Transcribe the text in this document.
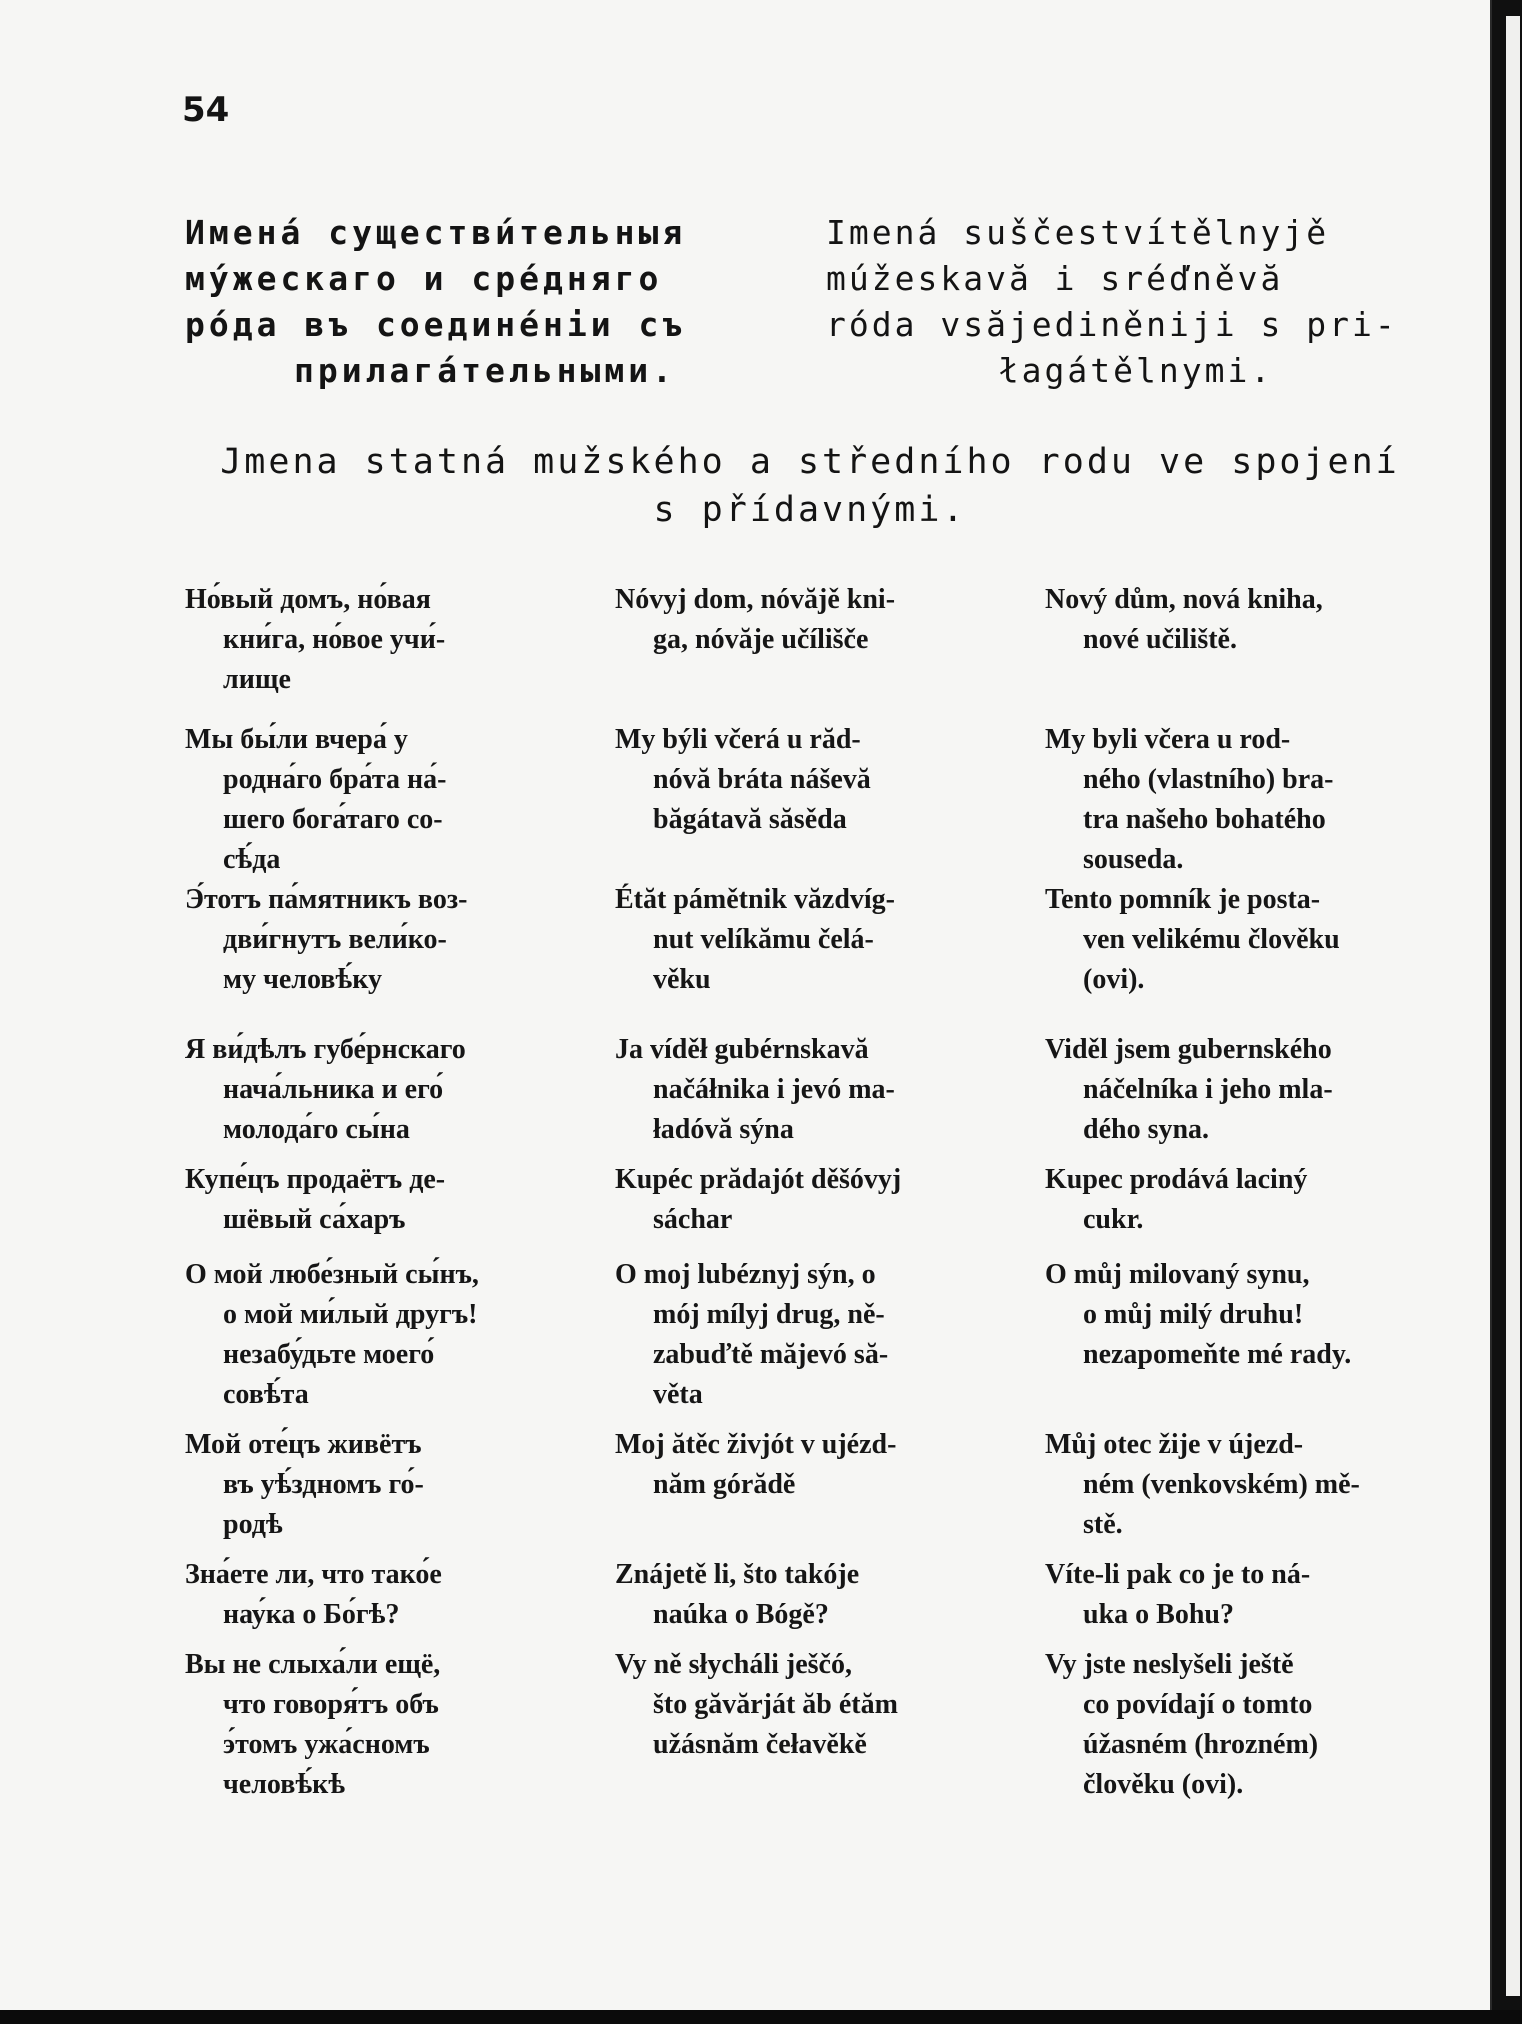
54
Имена́ существи́тельныя
му́жескаго и сре́дняго
ро́да въ соедине́нiи съ
прилага́тельными.
Imená suščestvítělnyjě
múžeskavă i sréďněvă
róda vsăjediněniji s pri-
łagátělnymi.
Jmena statná mužského a středního rodu ve spojení
s přídavnými.
Но́вый домъ, но́вая
кни́га, но́вое учи́-
лище
Nóvyj dom, nóvăjě kni-
ga, nóvăje učílišče
Nový dům, nová kniha,
nové učiliště.
Мы бы́ли вчера́ у
родна́го бра́та на́-
шего бога́таго со-
сѣ́да
My býli včerá u răd-
nóvă bráta náševă
băgátavă săsěda
My byli včera u rod-
ného (vlastního) bra-
tra našeho bohatého
souseda.
Э́тотъ па́мятникъ воз-
дви́гнутъ вели́ко-
му человѣ́ку
Étăt pámětnik văzdvíg-
nut velíkămu čelá-
věku
Tento pomník je posta-
ven velikému člověku
(ovi).
Я ви́дѣлъ губе́рнскаго
нача́льника и его́
молода́го сы́на
Ja víděł gubérnskavă
načáłnika i jevó ma-
ładóvă sýna
Viděl jsem gubernského
náčelníka i jeho mla-
dého syna.
Купе́цъ продаётъ де-
шёвый са́харъ
Kupéc prădajót děšóvyj
sáchar
Kupec prodává laciný
cukr.
О мой любе́зный сы́нъ,
о мой ми́лый другъ!
незабу́дьте моего́
совѣ́та
O moj lubéznyj sýn, o
mój mílyj drug, ně-
zabuďtě măjevó să-
věta
O můj milovaný synu,
o můj milý druhu!
nezapomeňte mé rady.
Мой оте́цъ живётъ
въ уѣ́здномъ го́-
родѣ
Moj ătěc živjót v ujézd-
năm górădě
Můj otec žije v újezd-
ném (venkovském) mě-
stě.
Зна́ете ли, что тако́е
нау́ка о Бо́гѣ?
Znájetě li, što takóje
naúka o Bógě?
Víte-li pak co je to ná-
uka o Bohu?
Вы не слыха́ли ещё,
что говоря́тъ объ
э́томъ ужа́сномъ
человѣ́кѣ
Vy ně słycháli ješčó,
što găvărját ăb étăm
užásnăm čełavěkě
Vy jste neslyšeli ještě
co povídají o tomto
úžasném (hrozném)
člověku (ovi).
